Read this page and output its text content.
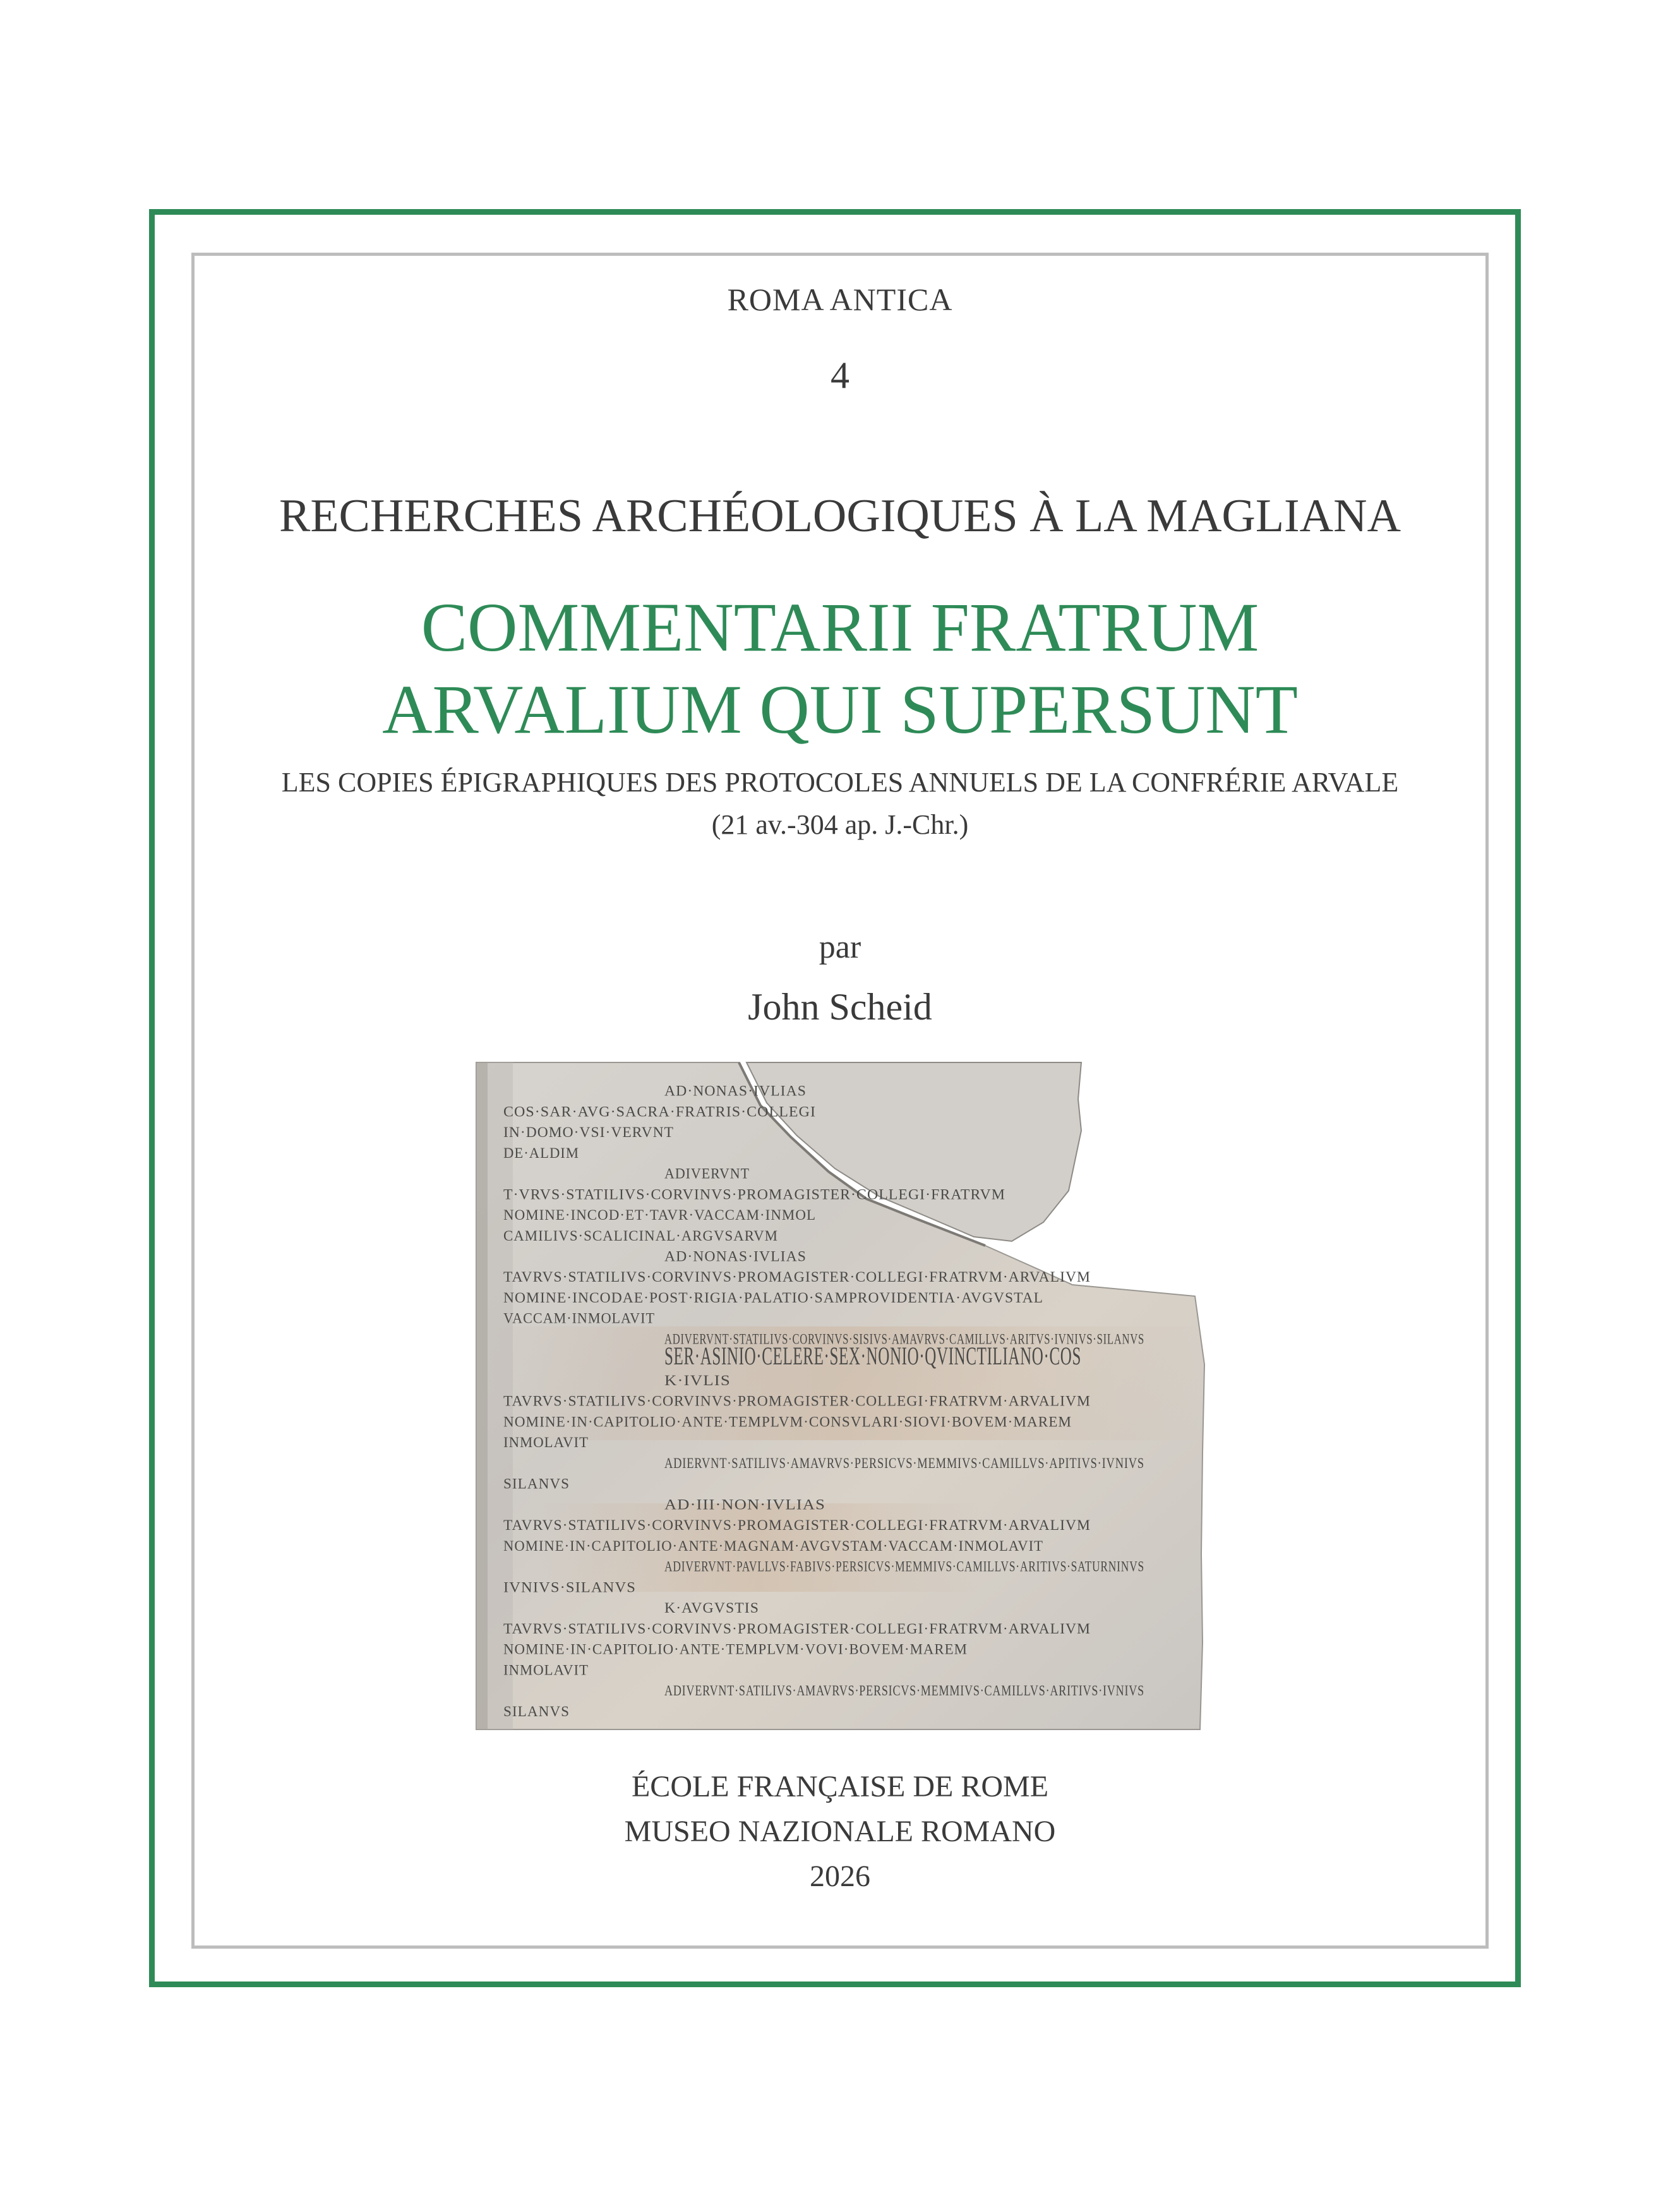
ROMA ANTICA
4
RECHERCHES ARCHÉOLOGIQUES À LA MAGLIANA
COMMENTARII FRATRUM
ARVALIUM QUI SUPERSUNT
LES COPIES ÉPIGRAPHIQUES DES PROTOCOLES ANNUELS DE LA CONFRÉRIE ARVALE
(21 av.-304 ap. J.-Chr.)
par
John Scheid
AD·NONAS·IVLIAS
COS·SAR·AVG·SACRA·FRATRIS·COLLEGI
IN·DOMO·VSI·VERVNT
DE·ALDIM
ADIVERVNT
T·VRVS·STATILIVS·CORVINVS·PROMAGISTER·COLLEGI·FRATRVM
NOMINE·INCOD·ET·TAVR·VACCAM·INMOL
CAMILIVS·SCALICINAL·ARGVSARVM
AD·NONAS·IVLIAS
TAVRVS·STATILIVS·CORVINVS·PROMAGISTER·COLLEGI·FRATRVM·ARVALIVM
NOMINE·INCODAE·POST·RIGIA·PALATIO·SAMPROVIDENTIA·AVGVSTAL
VACCAM·INMOLAVIT
ADIVERVNT·STATILIVS·CORVINVS·SISIVS·AMAVRVS·CAMILLVS·ARITVS·IVNIVS·SILANVS
SER·ASINIO·CELERE·SEX·NONIO·QVINCTILIANO·COS
K·IVLIS
TAVRVS·STATILIVS·CORVINVS·PROMAGISTER·COLLEGI·FRATRVM·ARVALIVM
NOMINE·IN·CAPITOLIO·ANTE·TEMPLVM·CONSVLARI·SIOVI·BOVEM·MAREM
INMOLAVIT
ADIERVNT·SATILIVS·AMAVRVS·PERSICVS·MEMMIVS·CAMILLVS·APITIVS·IVNIVS
SILANVS
AD·III·NON·IVLIAS
TAVRVS·STATILIVS·CORVINVS·PROMAGISTER·COLLEGI·FRATRVM·ARVALIVM
NOMINE·IN·CAPITOLIO·ANTE·MAGNAM·AVGVSTAM·VACCAM·INMOLAVIT
ADIVERVNT·PAVLLVS·FABIVS·PERSICVS·MEMMIVS·CAMILLVS·ARITIVS·SATURNINVS
IVNIVS·SILANVS
K·AVGVSTIS
TAVRVS·STATILIVS·CORVINVS·PROMAGISTER·COLLEGI·FRATRVM·ARVALIVM
NOMINE·IN·CAPITOLIO·ANTE·TEMPLVM·VOVI·BOVEM·MAREM
INMOLAVIT
ADIVERVNT·SATILIVS·AMAVRVS·PERSICVS·MEMMIVS·CAMILLVS·ARITIVS·IVNIVS
SILANVS
ÉCOLE FRANÇAISE DE ROME
MUSEO NAZIONALE ROMANO
2026
